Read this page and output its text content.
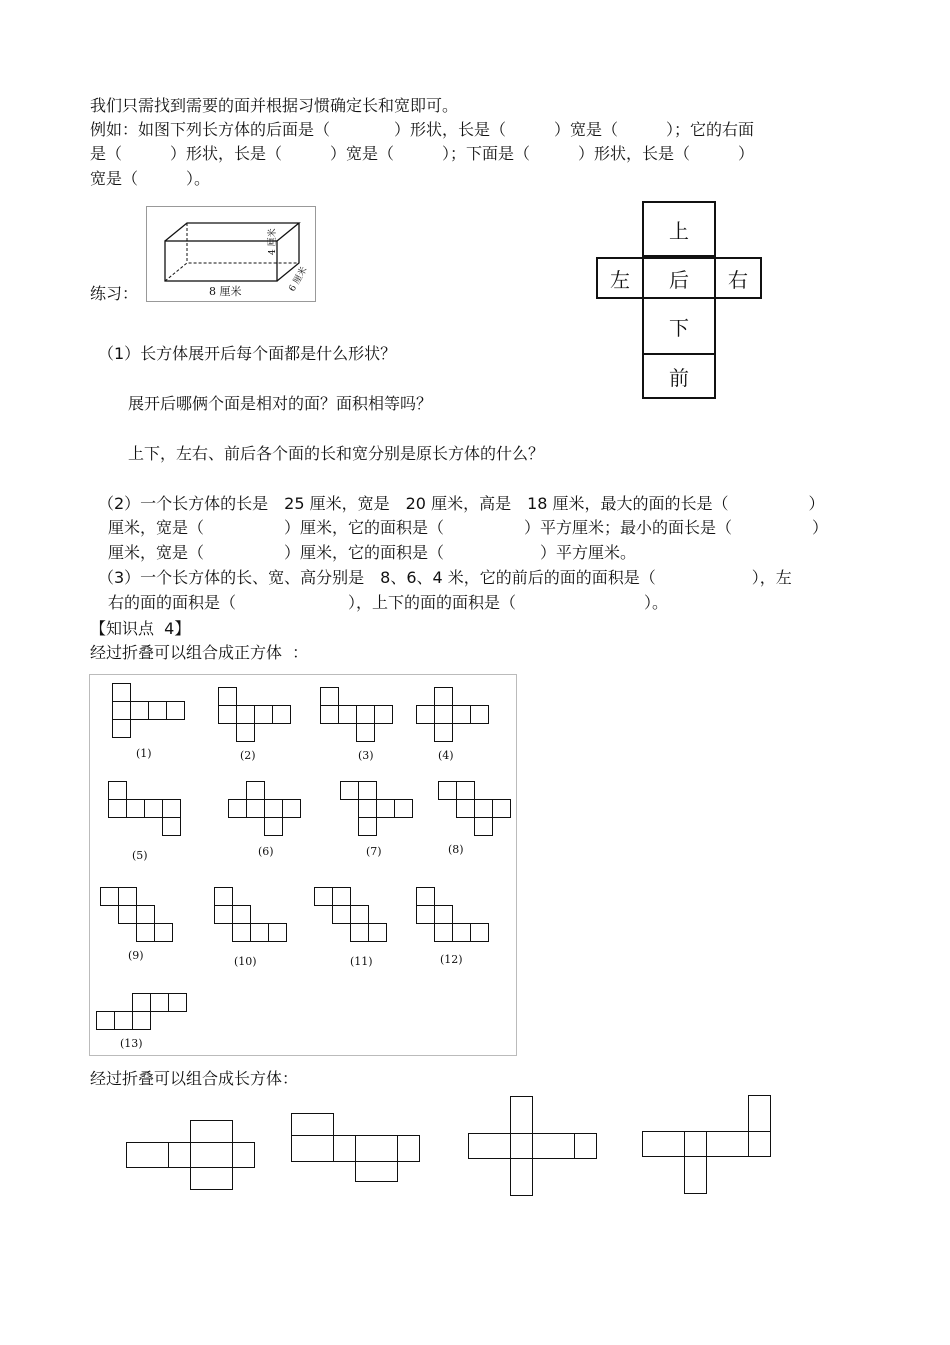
我们只需找到需要的面并根据习惯确定长和宽即可。
例如：如图下列长方体的后面是（　　　　）形状，长是（　　　）宽是（　　　）；它的右面
是（　　　）形状，长是（　　　）宽是（　　　）；下面是（　　　）形状，长是（　　　）
宽是（　　　）。
练习：	8 厘米
4 厘米
6 厘米
上
左 后 右
下
前
（1）长方体展开后每个面都是什么形状？
展开后哪俩个面是相对的面？面积相等吗？
上下，左右、前后各个面的长和宽分别是原长方体的什么？
（2）一个长方体的长是　25 厘米，宽是　20 厘米，高是　18 厘米，最大的面的长是（　　　　　）
厘米，宽是（　　　　　）厘米，它的面积是（　　　　　）平方厘米；最小的面长是（　　　　　）
厘米，宽是（　　　　　）厘米，它的面积是（　　　　　　）平方厘米。
（3）一个长方体的长、宽、高分别是　8、6、4 米，它的前后的面的面积是（　　　　　　），左
右的面的面积是（　　　　　　　），上下的面的面积是（　　　　　　　　）。
【知识点  4】
经过折叠可以组合成正方体  ：
(1)	(2)	(3)	(4)
(5)	(6)	(7)	(8)
(9)	(10)	(11)	(12)
(13)
经过折叠可以组合成长方体：
